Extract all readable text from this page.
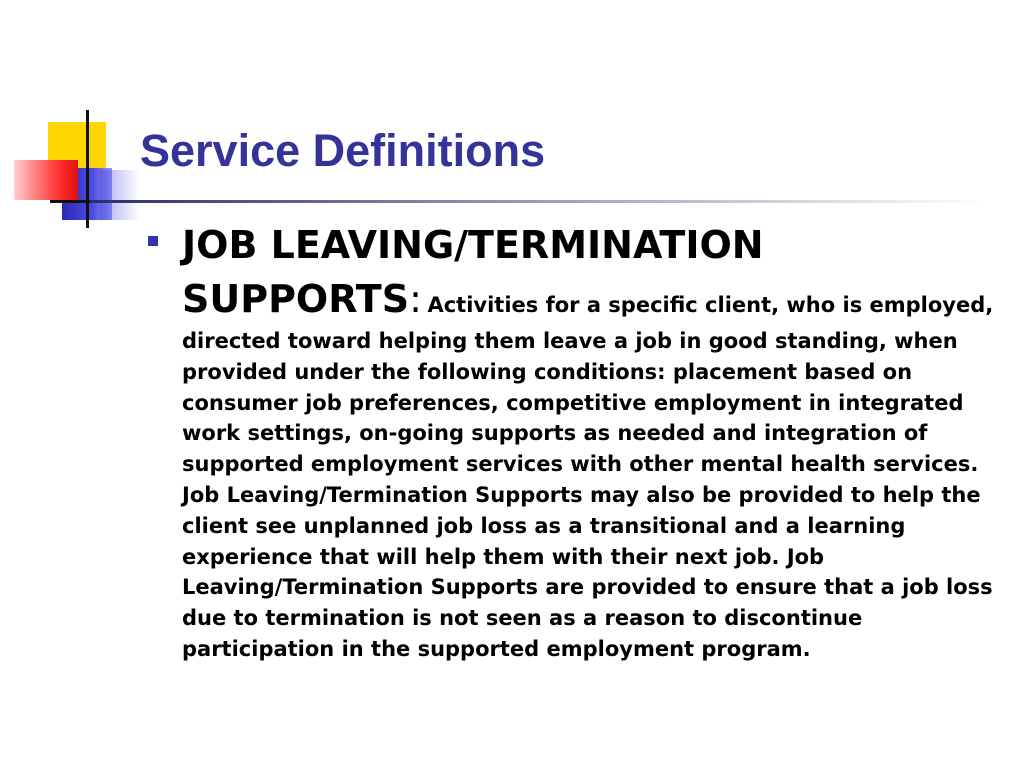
Service Definitions
JOB LEAVING/TERMINATION SUPPORTS: Activities for a specific client, who is employed, directed toward helping them leave a job in good standing, when provided under the following conditions: placement based on consumer job preferences, competitive employment in integrated work settings, on-going supports as needed and integration of supported employment services with other mental health services. Job Leaving/Termination Supports may also be provided to help the client see unplanned job loss as a transitional and a learning experience that will help them with their next job. Job Leaving/Termination Supports are provided to ensure that a job loss due to termination is not seen as a reason to discontinue participation in the supported employment program.
